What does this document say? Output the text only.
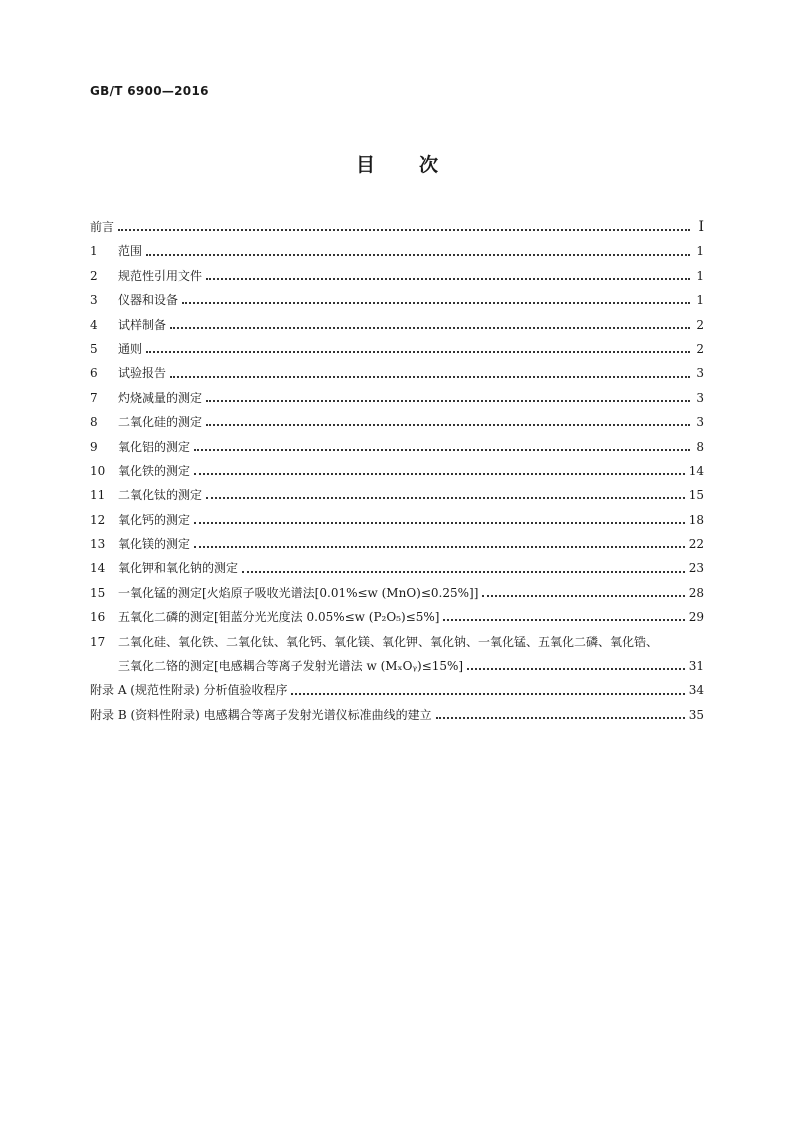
GB/T 6900—2016
目 次
前言	Ⅰ
1	范围	1
2	规范性引用文件	1
3	仪器和设备	1
4	试样制备	2
5	通则	2
6	试验报告	3
7	灼烧减量的测定	3
8	二氧化硅的测定	3
9	氧化铝的测定	8
10	氧化铁的测定	14
11	二氧化钛的测定	15
12	氧化钙的测定	18
13	氧化镁的测定	22
14	氧化钾和氧化钠的测定	23
15	一氧化锰的测定[火焰原子吸收光谱法[0.01%≤w (MnO)≤0.25%]]	28
16	五氧化二磷的测定[钼蓝分光光度法 0.05%≤w (P₂O₅)≤5%]	29
17	二氧化硅、氧化铁、二氧化钛、氧化钙、氧化镁、氧化钾、氧化钠、一氧化锰、五氧化二磷、氧化锆、
三氧化二铬的测定[电感耦合等离子发射光谱法 w (MₓOᵧ)≤15%]	31
附录 A (规范性附录) 分析值验收程序	34
附录 B (资料性附录) 电感耦合等离子发射光谱仪标准曲线的建立	35
